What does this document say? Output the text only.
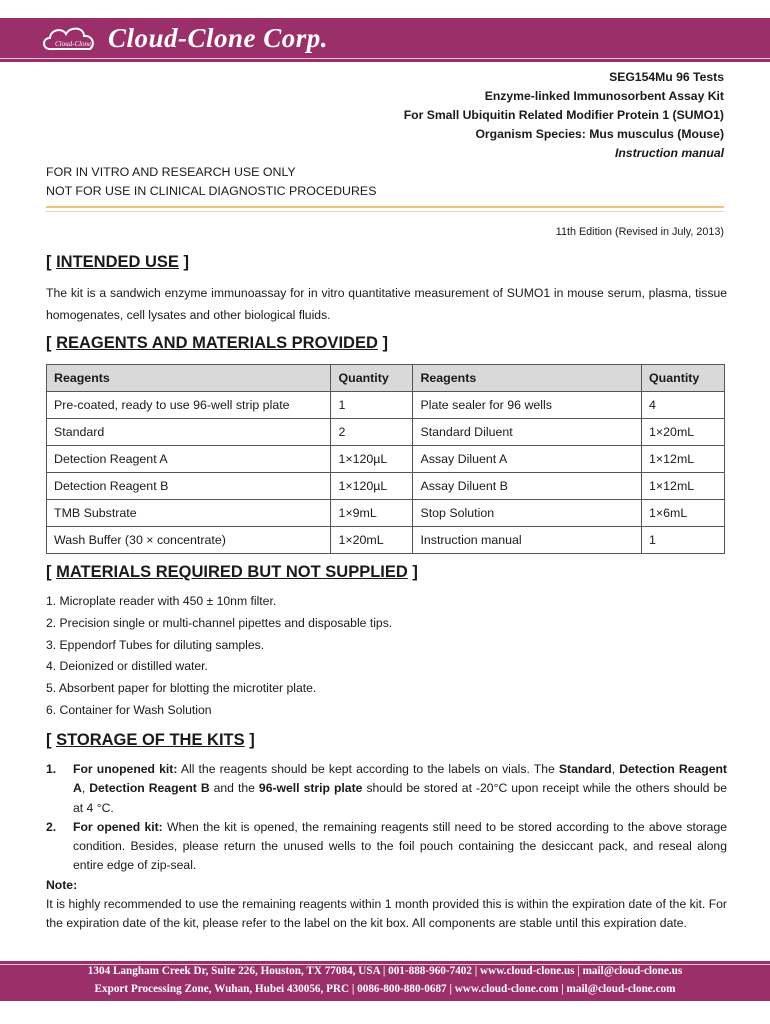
Cloud-Clone Cloud-Clone Corp.
SEG154Mu 96 Tests
Enzyme-linked Immunosorbent Assay Kit
For Small Ubiquitin Related Modifier Protein 1 (SUMO1)
Organism Species: Mus musculus (Mouse)
Instruction manual
FOR IN VITRO AND RESEARCH USE ONLY
NOT FOR USE IN CLINICAL DIAGNOSTIC PROCEDURES
11th Edition (Revised in July, 2013)
[ INTENDED USE ]
The kit is a sandwich enzyme immunoassay for in vitro quantitative measurement of SUMO1 in mouse serum, plasma, tissue homogenates, cell lysates and other biological fluids.
[ REAGENTS AND MATERIALS PROVIDED ]
Reagents	Quantity	Reagents	Quantity
Pre-coated, ready to use 96-well strip plate	1	Plate sealer for 96 wells	4
Standard	2	Standard Diluent	1×20mL
Detection Reagent A	1×120µL	Assay Diluent A	1×12mL
Detection Reagent B	1×120µL	Assay Diluent B	1×12mL
TMB Substrate	1×9mL	Stop Solution	1×6mL
Wash Buffer (30 × concentrate)	1×20mL	Instruction manual	1
[ MATERIALS REQUIRED BUT NOT SUPPLIED ]
1. Microplate reader with 450 ± 10nm filter.
2. Precision single or multi-channel pipettes and disposable tips.
3. Eppendorf Tubes for diluting samples.
4. Deionized or distilled water.
5. Absorbent paper for blotting the microtiter plate.
6. Container for Wash Solution
[ STORAGE OF THE KITS ]
1. For unopened kit: All the reagents should be kept according to the labels on vials. The Standard, Detection Reagent A, Detection Reagent B and the 96-well strip plate should be stored at -20°C upon receipt while the others should be at 4 °C.
2. For opened kit: When the kit is opened, the remaining reagents still need to be stored according to the above storage condition. Besides, please return the unused wells to the foil pouch containing the desiccant pack, and reseal along entire edge of zip-seal.
Note:
It is highly recommended to use the remaining reagents within 1 month provided this is within the expiration date of the kit. For the expiration date of the kit, please refer to the label on the kit box. All components are stable until this expiration date.
1304 Langham Creek Dr, Suite 226, Houston, TX 77084, USA | 001-888-960-7402 | www.cloud-clone.us | mail@cloud-clone.us
Export Processing Zone, Wuhan, Hubei 430056, PRC | 0086-800-880-0687 | www.cloud-clone.com | mail@cloud-clone.com
